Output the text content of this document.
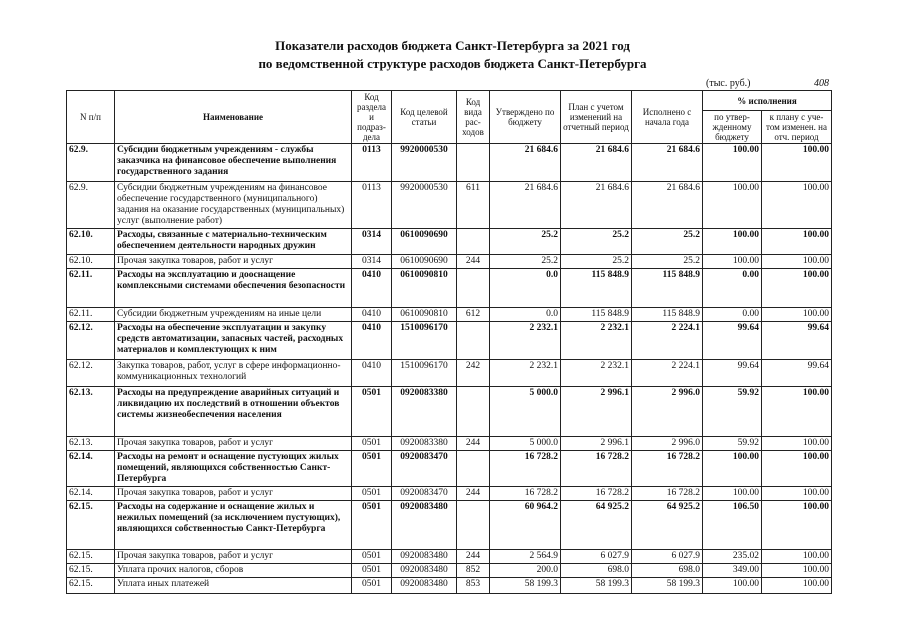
Показатели расходов бюджета Санкт-Петербурга за 2021 год
по ведомственной структуре расходов бюджета Санкт-Петербурга
(тыс. руб.)	408
N п/п	Наименование	Код раздела и подраз-дела	Код целевой статьи	Код вида рас-ходов	Утверждено по бюджету	План с учетом изменений на отчетный период	Исполнено с начала года	% исполнения	
								по утвер-жденному бюджету	к плану с уче-том изменен. на отч. период
62.9.	Субсидии бюджетным учреждениям - службы заказчика на финансовое обеспечение выполнения государственного задания	0113	9920000530		21 684.6	21 684.6	21 684.6	100.00	100.00
62.9.	Субсидии бюджетным учреждениям на финансовое обеспечение государственного (муниципального) задания на оказание государственных (муниципальных) услуг (выполнение работ)	0113	9920000530	611	21 684.6	21 684.6	21 684.6	100.00	100.00
62.10.	Расходы, связанные с материально-техническим обеспечением деятельности народных дружин	0314	0610090690		25.2	25.2	25.2	100.00	100.00
62.10.	Прочая закупка товаров, работ и услуг	0314	0610090690	244	25.2	25.2	25.2	100.00	100.00
62.11.	Расходы на эксплуатацию и дооснащение комплексными системами обеспечения безопасности	0410	0610090810		0.0	115 848.9	115 848.9	0.00	100.00
62.11.	Субсидии бюджетным учреждениям на иные цели	0410	0610090810	612	0.0	115 848.9	115 848.9	0.00	100.00
62.12.	Расходы на обеспечение эксплуатации и закупку средств автоматизации, запасных частей, расходных материалов и комплектующих к ним	0410	1510096170		2 232.1	2 232.1	2 224.1	99.64	99.64
62.12.	Закупка товаров, работ, услуг в сфере информационно-коммуникационных технологий	0410	1510096170	242	2 232.1	2 232.1	2 224.1	99.64	99.64
62.13.	Расходы на предупреждение аварийных ситуаций и ликвидацию их последствий в отношении объектов системы жизнеобеспечения населения	0501	0920083380		5 000.0	2 996.1	2 996.0	59.92	100.00
62.13.	Прочая закупка товаров, работ и услуг	0501	0920083380	244	5 000.0	2 996.1	2 996.0	59.92	100.00
62.14.	Расходы на ремонт и оснащение пустующих жилых помещений, являющихся собственностью Санкт-Петербурга	0501	0920083470		16 728.2	16 728.2	16 728.2	100.00	100.00
62.14.	Прочая закупка товаров, работ и услуг	0501	0920083470	244	16 728.2	16 728.2	16 728.2	100.00	100.00
62.15.	Расходы на содержание и оснащение жилых и нежилых помещений (за исключением пустующих), являющихся собственностью Санкт-Петербурга	0501	0920083480		60 964.2	64 925.2	64 925.2	106.50	100.00
62.15.	Прочая закупка товаров, работ и услуг	0501	0920083480	244	2 564.9	6 027.9	6 027.9	235.02	100.00
62.15.	Уплата прочих налогов, сборов	0501	0920083480	852	200.0	698.0	698.0	349.00	100.00
62.15.	Уплата иных платежей	0501	0920083480	853	58 199.3	58 199.3	58 199.3	100.00	100.00
